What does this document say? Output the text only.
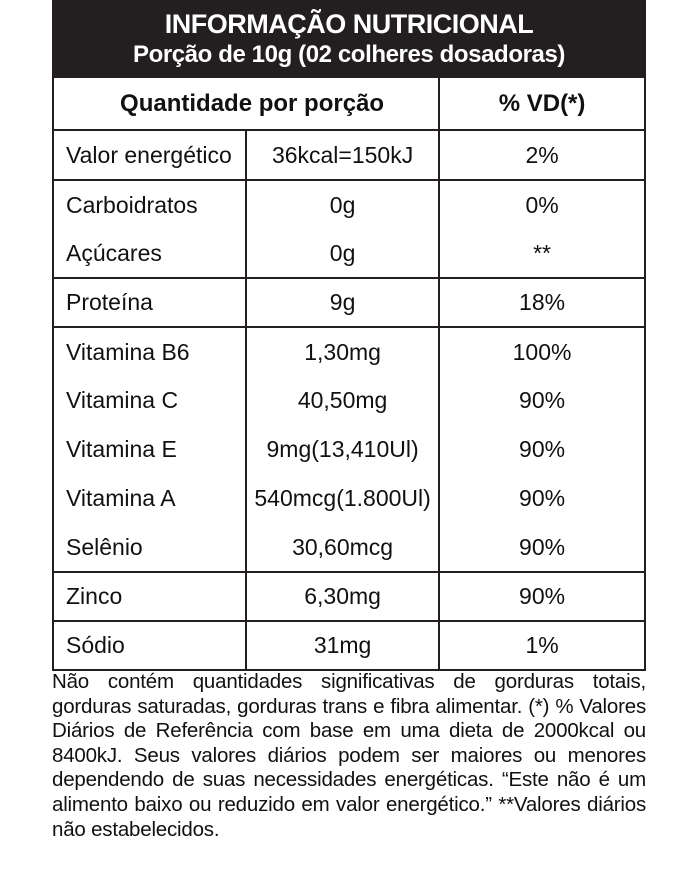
INFORMAÇÃO NUTRICIONAL
Porção de 10g (02 colheres dosadoras)
Quantidade por porção		% VD(*)
Valor energético	36kcal=150kJ	2%
Carboidratos	0g	0%
Açúcares	0g	**
Proteína	9g	18%
Vitamina B6	1,30mg	100%
Vitamina C	40,50mg	90%
Vitamina E	9mg(13,410Ul)	90%
Vitamina A	540mcg(1.800Ul)	90%
Selênio	30,60mcg	90%
Zinco	6,30mg	90%
Sódio	31mg	1%

Não contém quantidades significativas de gorduras totais, gorduras saturadas, gorduras trans e fibra alimentar. (*) % Valores Diários de Referência com base em uma dieta de 2000kcal ou 8400kJ. Seus valores diários podem ser maiores ou menores dependendo de suas necessidades energéticas. “Este não é um alimento baixo ou reduzido em valor energético.” **Valores diários não estabelecidos.
